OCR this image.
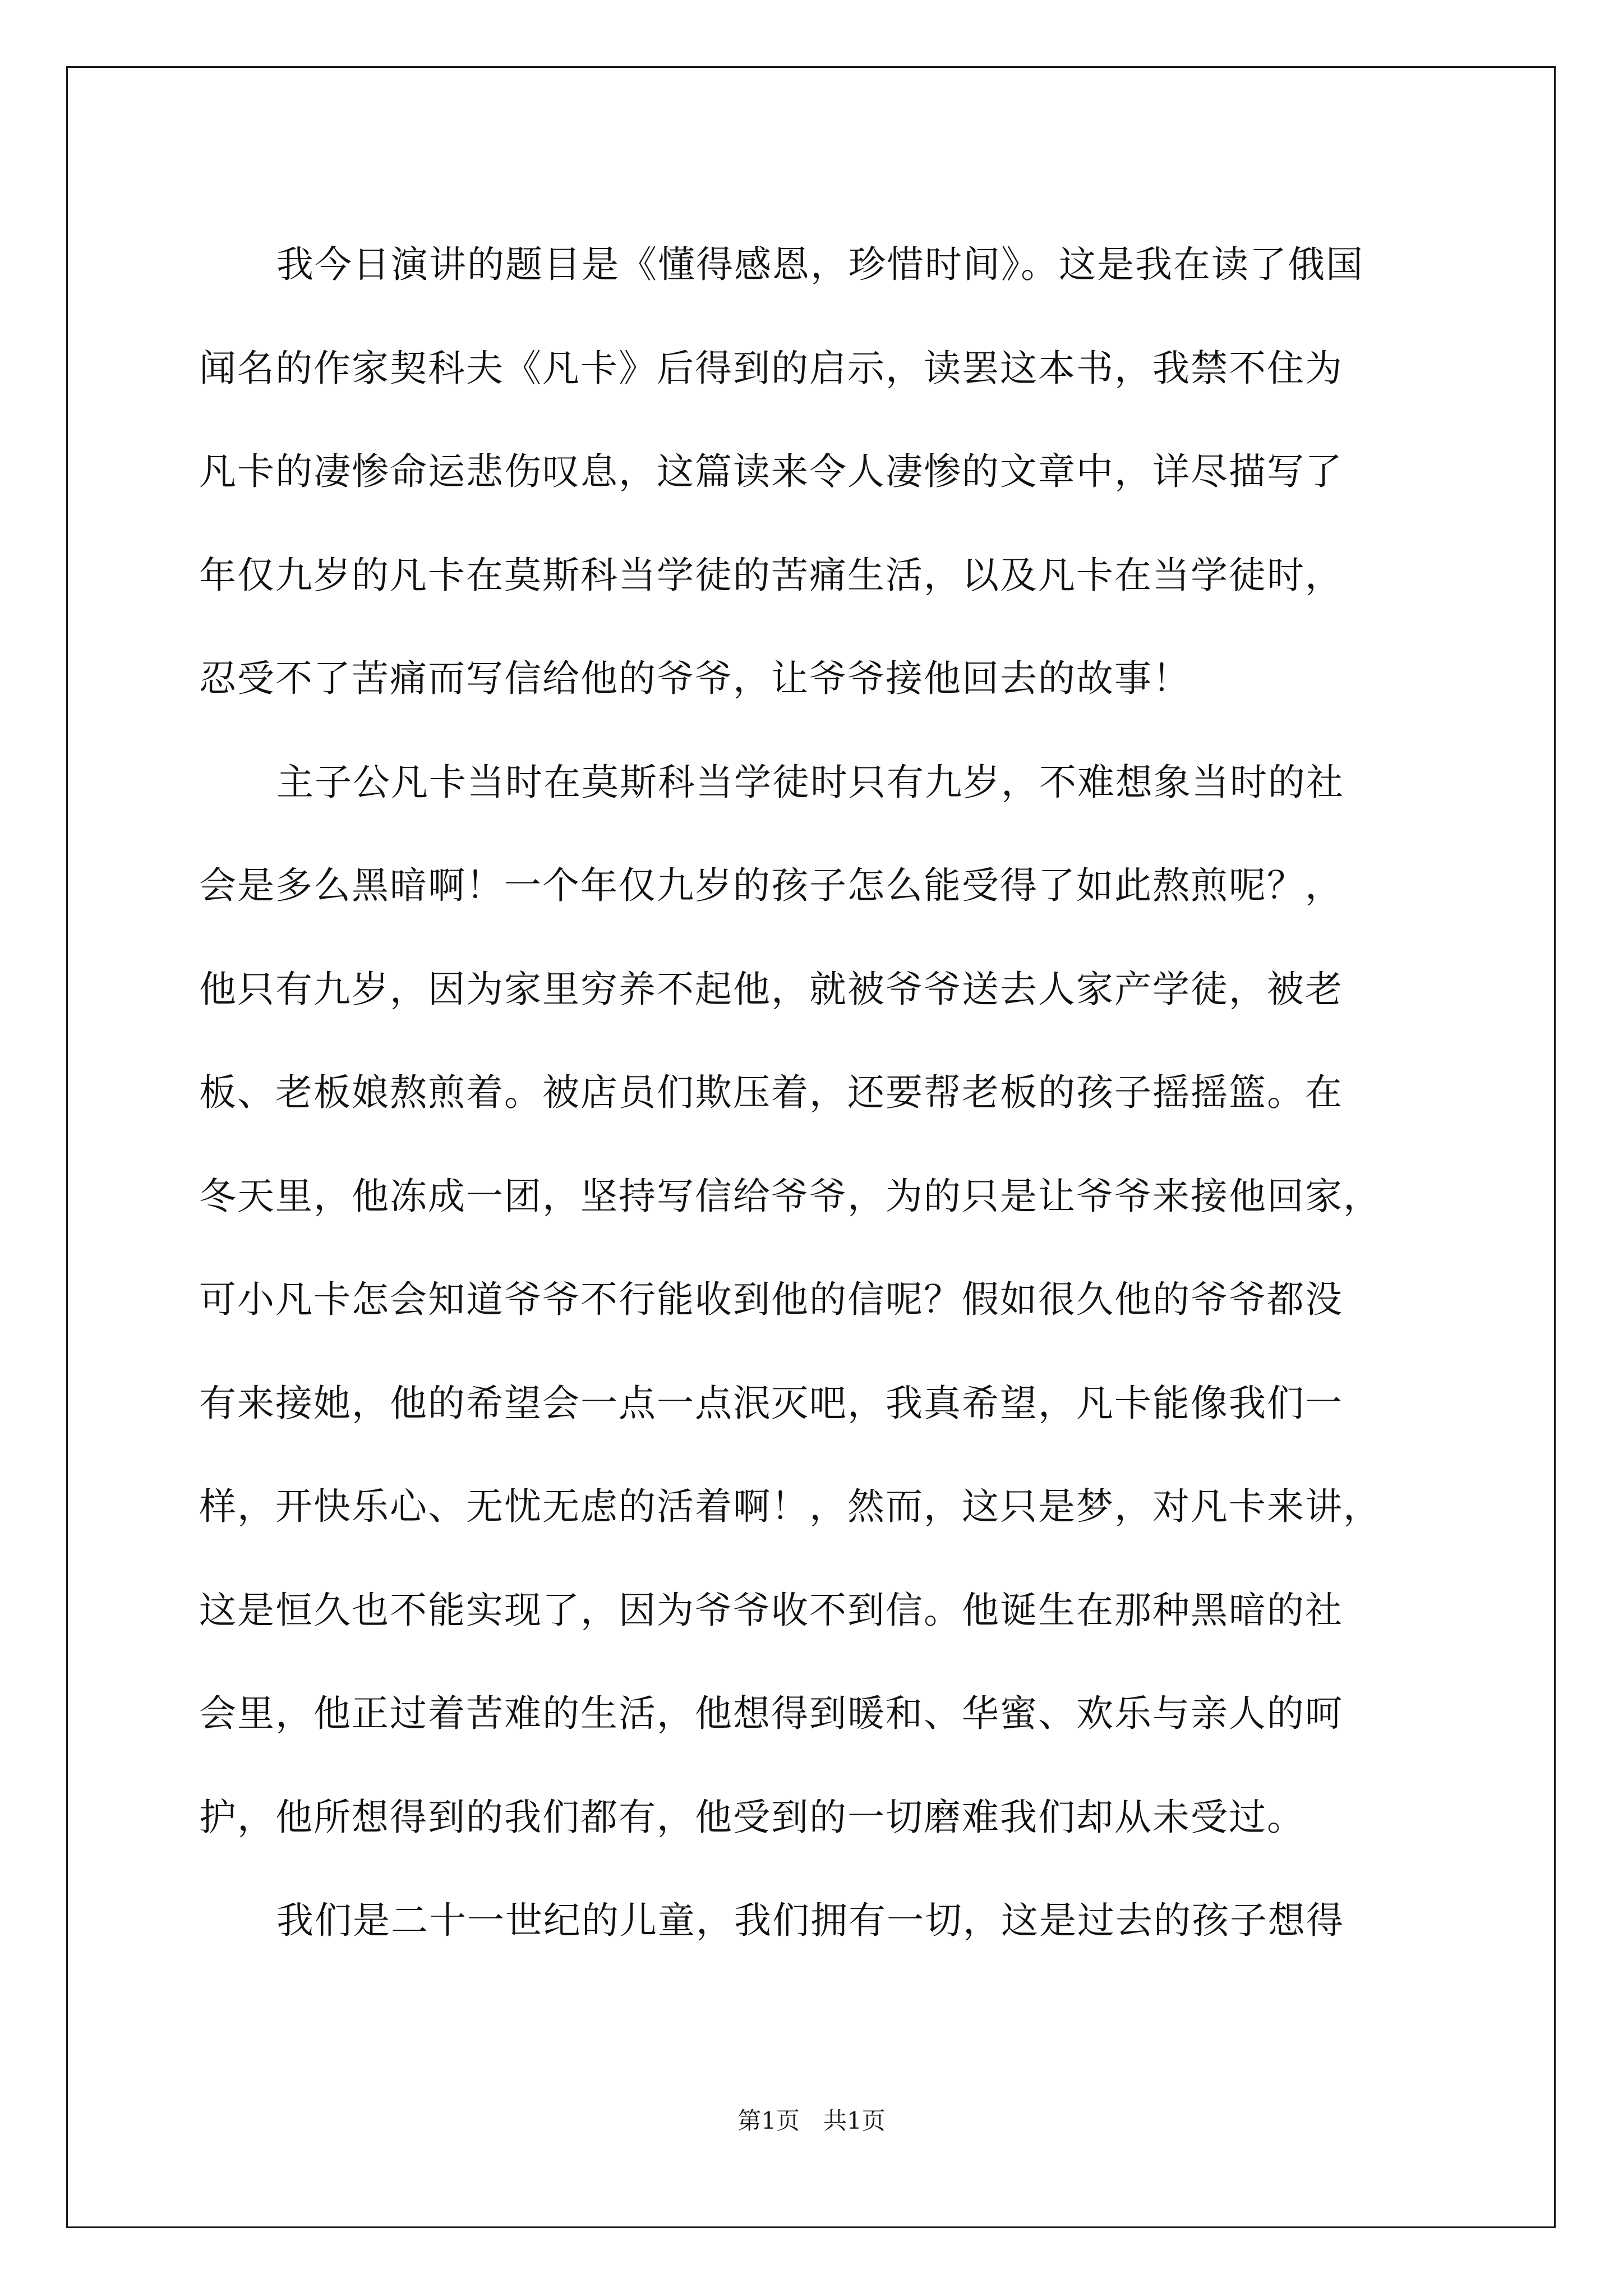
我今日演讲的题目是《懂得感恩，珍惜时间》。这是我在读了俄国
闻名的作家契科夫《凡卡》后得到的启示，读罢这本书，我禁不住为
凡卡的凄惨命运悲伤叹息，这篇读来令人凄惨的文章中，详尽描写了
年仅九岁的凡卡在莫斯科当学徒的苦痛生活，以及凡卡在当学徒时，
忍受不了苦痛而写信给他的爷爷，让爷爷接他回去的故事！
主子公凡卡当时在莫斯科当学徒时只有九岁，不难想象当时的社
会是多么黑暗啊！一个年仅九岁的孩子怎么能受得了如此熬煎呢？，
他只有九岁，因为家里穷养不起他，就被爷爷送去人家产学徒，被老
板、老板娘熬煎着。被店员们欺压着，还要帮老板的孩子摇摇篮。在
冬天里，他冻成一团，坚持写信给爷爷，为的只是让爷爷来接他回家，
可小凡卡怎会知道爷爷不行能收到他的信呢？假如很久他的爷爷都没
有来接她，他的希望会一点一点泯灭吧，我真希望，凡卡能像我们一
样，开快乐心、无忧无虑的活着啊！，然而，这只是梦，对凡卡来讲，
这是恒久也不能实现了，因为爷爷收不到信。他诞生在那种黑暗的社
会里，他正过着苦难的生活，他想得到暖和、华蜜、欢乐与亲人的呵
护，他所想得到的我们都有，他受到的一切磨难我们却从未受过。
我们是二十一世纪的儿童，我们拥有一切，这是过去的孩子想得
第1页　共1页
